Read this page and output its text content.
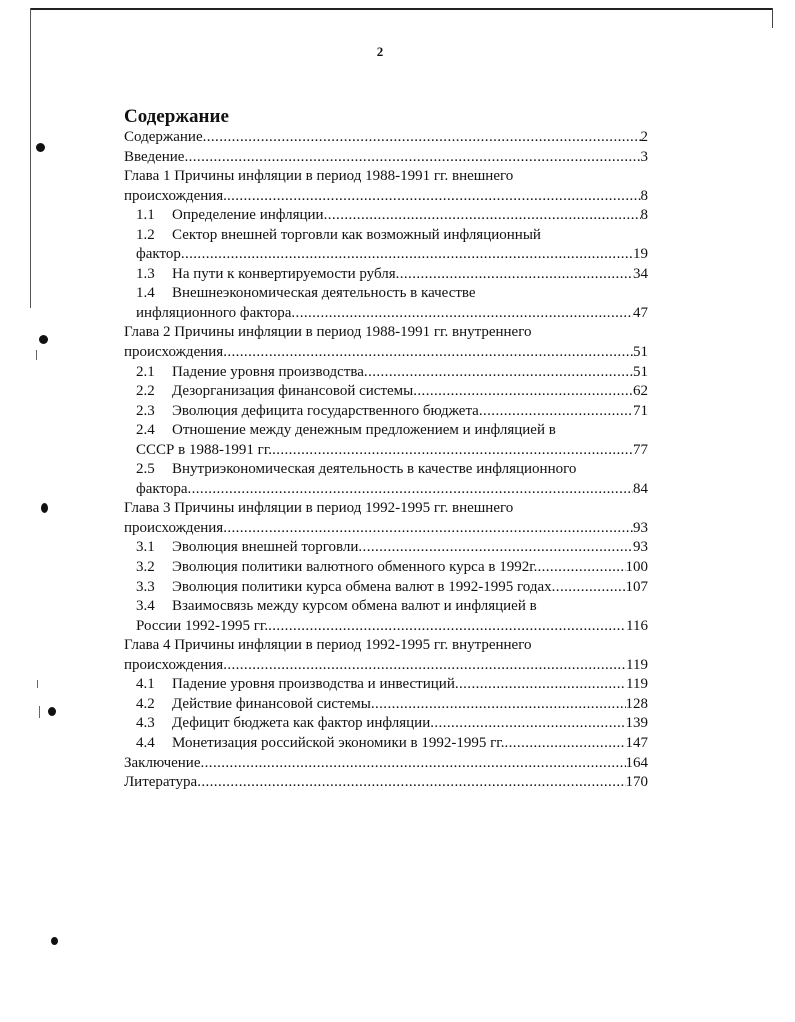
2
Содержание
Содержание .....	2
Введение .....	3
Глава 1 Причины инфляции в период 1988-1991 гг. внешнего
происхождения. .....	8
1.1	Определение инфляции .....	8
1.2	Сектор внешней торговли как возможный инфляционный
фактор .....	19
1.3	На пути к конвертируемости рубля .....	34
1.4	Внешнеэкономическая деятельность в качестве
инфляционного фактора .....	47
Глава 2 Причины инфляции в период 1988-1991 гг. внутреннего
происхождения .....	51
2.1	Падение уровня производства .....	51
2.2	Дезорганизация финансовой системы .....	62
2.3	Эволюция дефицита государственного бюджета .....	71
2.4	Отношение между денежным предложением и инфляцией в
СССР в 1988-1991 гг. .....	77
2.5	Внутриэкономическая деятельность в качестве инфляционного
фактора .....	84
Глава 3 Причины инфляции в период 1992-1995 гг. внешнего
происхождения .....	93
3.1	Эволюция внешней торговли .....	93
3.2	Эволюция политики валютного обменного курса в 1992г. .....	100
3.3	Эволюция политики курса обмена валют в 1992-1995 годах .....	107
3.4	Взаимосвязь между курсом обмена валют и инфляцией в
России 1992-1995 гг. .....	116
Глава 4 Причины инфляции в период 1992-1995 гг. внутреннего
происхождения .....	119
4.1	Падение уровня производства и инвестиций .....	119
4.2	Действие финансовой системы .....	128
4.3	Дефицит бюджета как фактор инфляции .....	139
4.4	Монетизация российской экономики в 1992-1995 гг. .....	147
Заключение .....	164
Литература .....	170
